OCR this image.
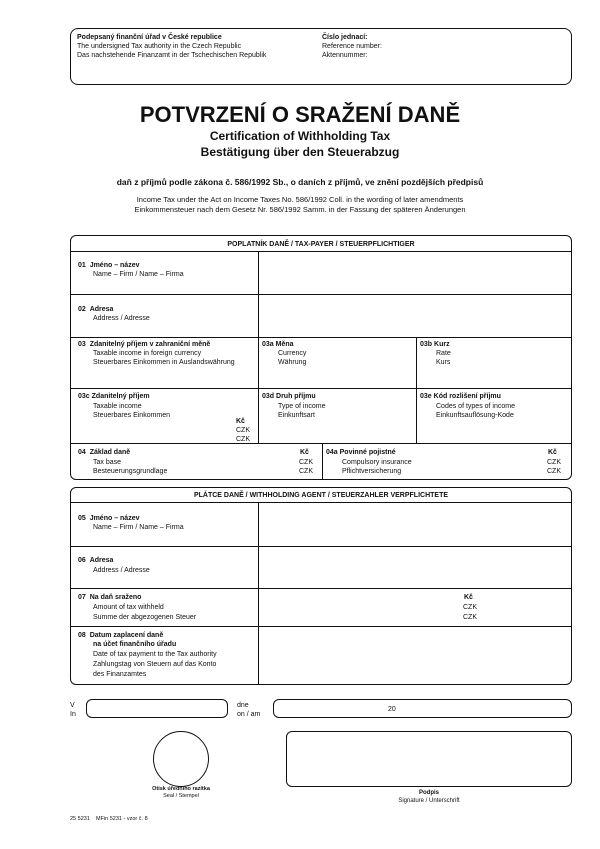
Podepsaný finanční úřad v České republice
The undersigned Tax authority in the Czech Republic
Das nachstehende Finanzamt in der Tschechischen Republik
Číslo jednací:
Reference number:
Aktennummer:
POTVRZENÍ O SRAŽENÍ DANĚ
Certification of Withholding Tax
Bestätigung über den Steuerabzug
daň z příjmů podle zákona č. 586/1992 Sb., o daních z příjmů, ve znění pozdějších předpisů
Income Tax under the Act on Income Taxes No. 586/1992 Coll. in the wording of later amendments
Einkommensteuer nach dem Gesetz Nr. 586/1992 Samm. in der Fassung der späteren Änderungen
POPLATNÍK DANĚ / TAX-PAYER / STEUERPFLICHTIGER
01 Jméno – název
Name – Firm / Name – Firma
02 Adresa
Address / Adresse
03 Zdanitelný příjem v zahraniční měně
Taxable income in foreign currency
Steuerbares Einkommen in Auslandswährung
03a Měna
Currency
Währung
03b Kurz
Rate
Kurs
03c Zdanitelný příjem
Taxable income
Steuerbares Einkommen
Kč
CZK
CZK
03d Druh příjmu
Type of income
Einkunftsart
03e Kód rozlišení příjmu
Codes of types of income
Einkunftsauflösung-Kode
04 Základ daně
Tax base
Besteuerungsgrundlage
Kč
CZK
CZK
04a Povinné pojistné
Compulsory insurance
Pflichtversicherung
Kč
CZK
CZK
PLÁTCE DANĚ / WITHHOLDING AGENT / STEUERZAHLER VERPFLICHTETE
05 Jméno – název
Name – Firm / Name – Firma
06 Adresa
Address / Adresse
07 Na daň sraženo
Amount of tax withheld
Summe der abgezogenen Steuer
Kč
CZK
CZK
08 Datum zaplacení daně
na účet finančního úřadu
Date of tax payment to the Tax authority
Zahlungstag von Steuern auf das Konto
des Finanzamtes
V
In
dne
on / am
20
Otisk úředního razítka
Seal / Stempel	Podpis
Signature / Unterschrift
25 5231    MFin 5231 - vzor č. 8
